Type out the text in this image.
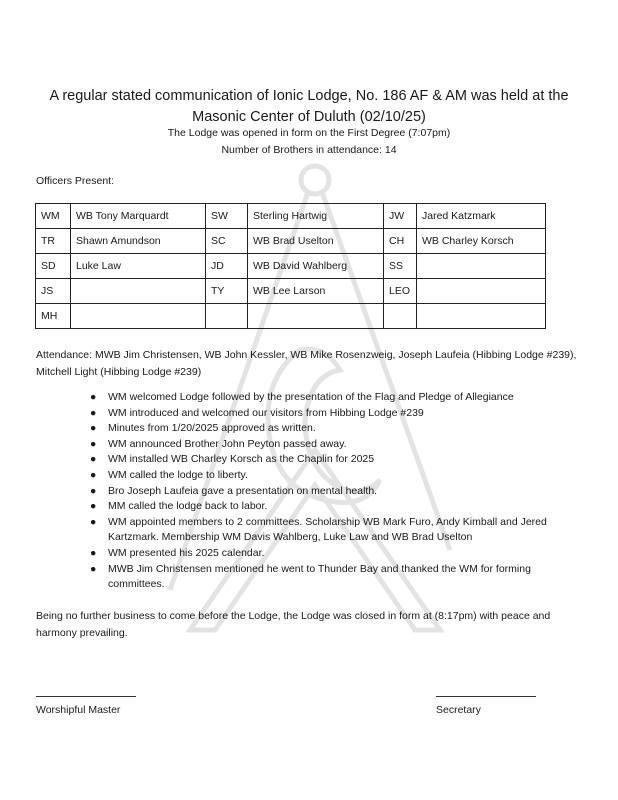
A regular stated communication of Ionic Lodge, No. 186 AF & AM was held at the
Masonic Center of Duluth (02/10/25)
The Lodge was opened in form on the First Degree (7:07pm)
Number of Brothers in attendance: 14
Officers Present:
WM	WB Tony Marquardt	SW	Sterling Hartwig	JW	Jared Katzmark
TR	Shawn Amundson	SC	WB Brad Uselton	CH	WB Charley Korsch
SD	Luke Law	JD	WB David Wahlberg	SS	
JS		TY	WB Lee Larson	LEO	
MH					
Attendance: MWB Jim Christensen, WB John Kessler, WB Mike Rosenzweig, Joseph Laufeia (Hibbing Lodge #239), Mitchell Light (Hibbing Lodge #239)
● WM welcomed Lodge followed by the presentation of the Flag and Pledge of Allegiance
● WM introduced and welcomed our visitors from Hibbing Lodge #239
● Minutes from 1/20/2025 approved as written.
● WM announced Brother John Peyton passed away.
● WM installed WB Charley Korsch as the Chaplin for 2025
● WM called the lodge to liberty.
● Bro Joseph Laufeia gave a presentation on mental health.
● MM called the lodge back to labor.
● WM appointed members to 2 committees. Scholarship WB Mark Furo, Andy Kimball and Jered Kartzmark. Membership WM Davis Wahlberg, Luke Law and WB Brad Uselton
● WM presented his 2025 calendar.
● MWB Jim Christensen mentioned he went to Thunder Bay and thanked the WM for forming committees.
Being no further business to come before the Lodge, the Lodge was closed in form at (8:17pm) with peace and harmony prevailing.
Worshipful Master	Secretary
